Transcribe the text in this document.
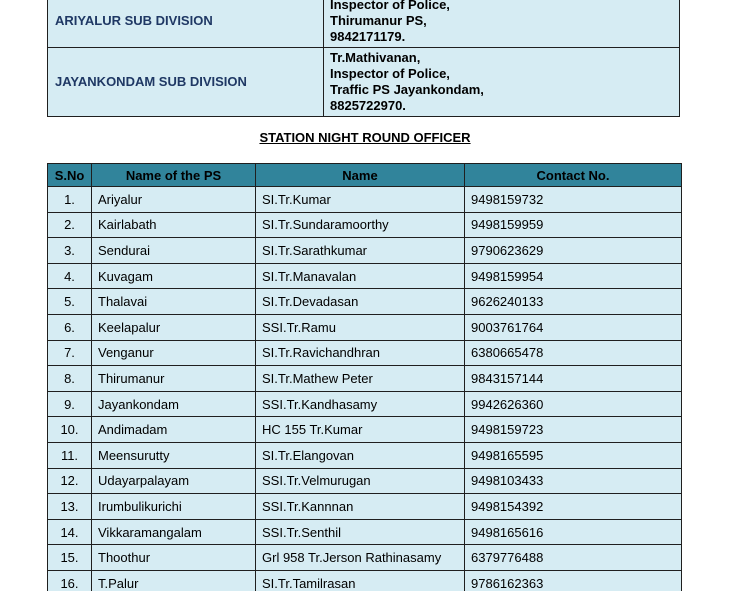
ARIYALUR SUB DIVISION	Inspector of Police,
Thirumanur PS,
9842171179.

JAYANKONDAM SUB DIVISION	Tr.Mathivanan,
Inspector of Police,
Traffic PS Jayankondam,
8825722970.
STATION NIGHT ROUND OFFICER
S.No	Name of the PS	Name	Contact No.
1.	Ariyalur	SI.Tr.Kumar	9498159732
2.	Kairlabath	SI.Tr.Sundaramoorthy	9498159959
3.	Sendurai	SI.Tr.Sarathkumar	9790623629
4.	Kuvagam	SI.Tr.Manavalan	9498159954
5.	Thalavai	SI.Tr.Devadasan	9626240133
6.	Keelapalur	SSI.Tr.Ramu	9003761764
7.	Venganur	SI.Tr.Ravichandhran	6380665478
8.	Thirumanur	SI.Tr.Mathew Peter	9843157144
9.	Jayankondam	SSI.Tr.Kandhasamy	9942626360
10.	Andimadam	HC 155 Tr.Kumar	9498159723
11.	Meensurutty	SI.Tr.Elangovan	9498165595
12.	Udayarpalayam	SSI.Tr.Velmurugan	9498103433
13.	Irumbulikurichi	SSI.Tr.Kannnan	9498154392
14.	Vikkaramangalam	SSI.Tr.Senthil	9498165616
15.	Thoothur	Grl 958 Tr.Jerson Rathinasamy	6379776488
16.	T.Palur	SI.Tr.Tamilrasan	9786162363
